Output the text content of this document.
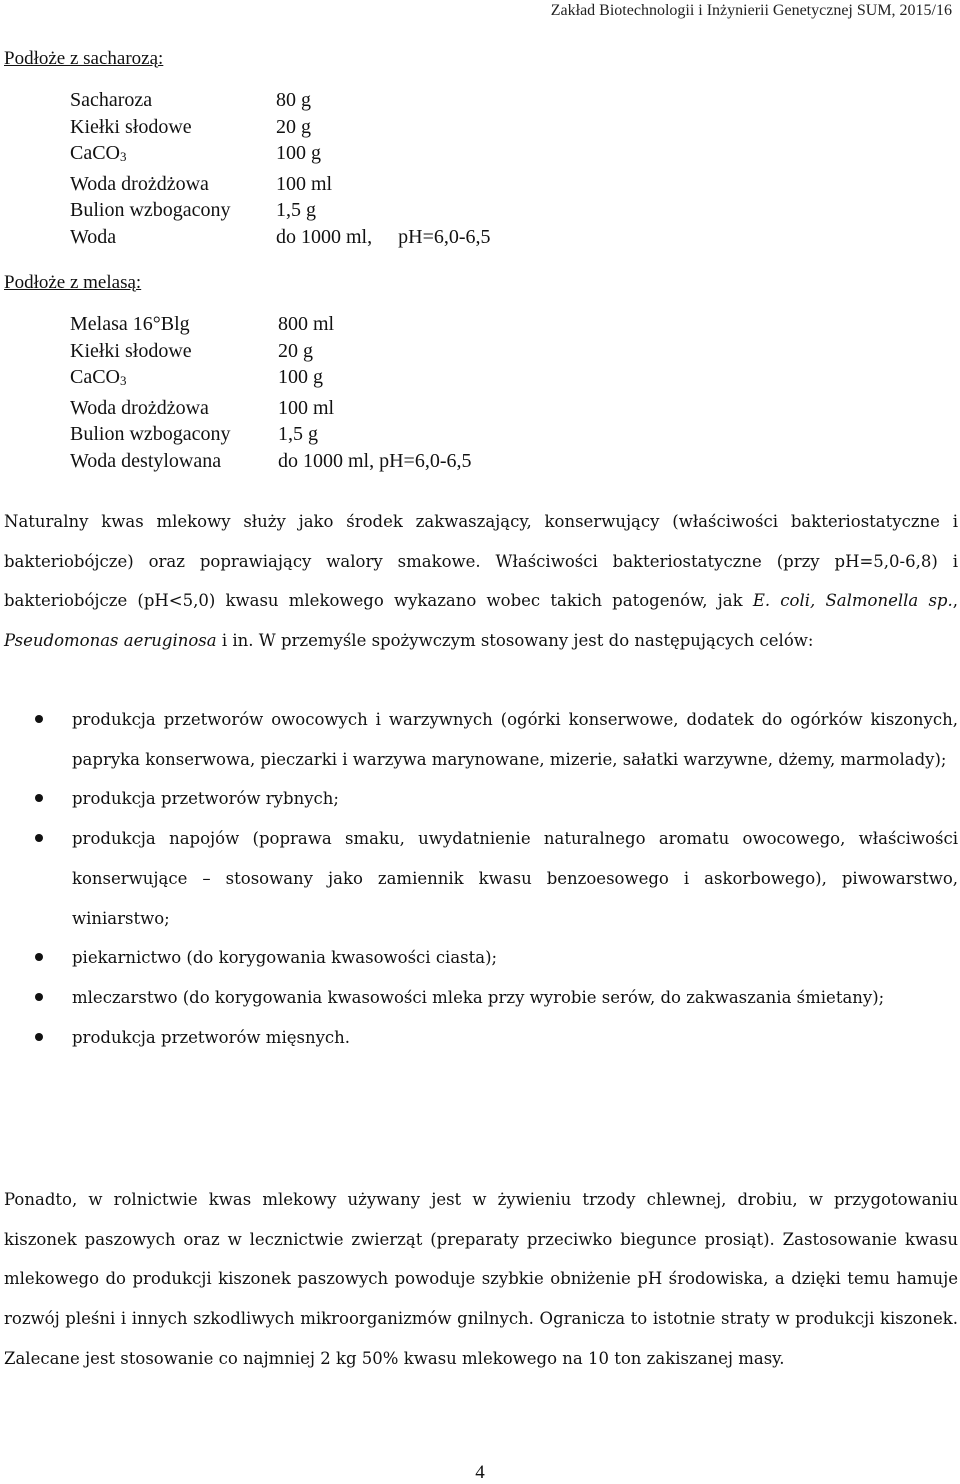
Zakład Biotechnologii i Inżynierii Genetycznej SUM, 2015/16
Podłoże z sacharozą:
Sacharoza	80 g
Kiełki słodowe	20 g
CaCO$_3$	100 g
Woda drożdżowa	100 ml
Bulion wzbogacony	1,5 g
Woda	do 1000 ml, pH=6,0-6,5
Podłoże z melasą:
Melasa 16°Blg	800 ml
Kiełki słodowe	20 g
CaCO$_3$	100 g
Woda drożdżowa	100 ml
Bulion wzbogacony	1,5 g
Woda destylowana	do 1000 ml, pH=6,0-6,5

Naturalny kwas mlekowy służy jako środek zakwaszający, konserwujący (właściwości bakteriostatyczne i bakteriobójcze) oraz poprawiający walory smakowe. Właściwości bakteriostatyczne (przy pH=5,0-6,8) i bakteriobójcze (pH<5,0) kwasu mlekowego wykazano wobec takich patogenów, jak E. coli, Salmonella sp., Pseudomonas aeruginosa i in. W przemyśle spożywczym stosowany jest do następujących celów:

produkcja przetworów owocowych i warzywnych (ogórki konserwowe, dodatek do ogórków kiszonych, papryka konserwowa, pieczarki i warzywa marynowane, mizerie, sałatki warzywne, dżemy, marmolady);
produkcja przetworów rybnych;
produkcja napojów (poprawa smaku, uwydatnienie naturalnego aromatu owocowego, właściwości konserwujące – stosowany jako zamiennik kwasu benzoesowego i askorbowego), piwowarstwo, winiarstwo;
piekarnictwo (do korygowania kwasowości ciasta);
mleczarstwo (do korygowania kwasowości mleka przy wyrobie serów, do zakwaszania śmietany);
produkcja przetworów mięsnych.

Ponadto, w rolnictwie kwas mlekowy używany jest w żywieniu trzody chlewnej, drobiu, w przygotowaniu kiszonek paszowych oraz w lecznictwie zwierząt (preparaty przeciwko biegunce prosiąt). Zastosowanie kwasu mlekowego do produkcji kiszonek paszowych powoduje szybkie obniżenie pH środowiska, a dzięki temu hamuje rozwój pleśni i innych szkodliwych mikroorganizmów gnilnych. Ogranicza to istotnie straty w produkcji kiszonek. Zalecane jest stosowanie co najmniej 2 kg 50% kwasu mlekowego na 10 ton zakiszanej masy.

4
